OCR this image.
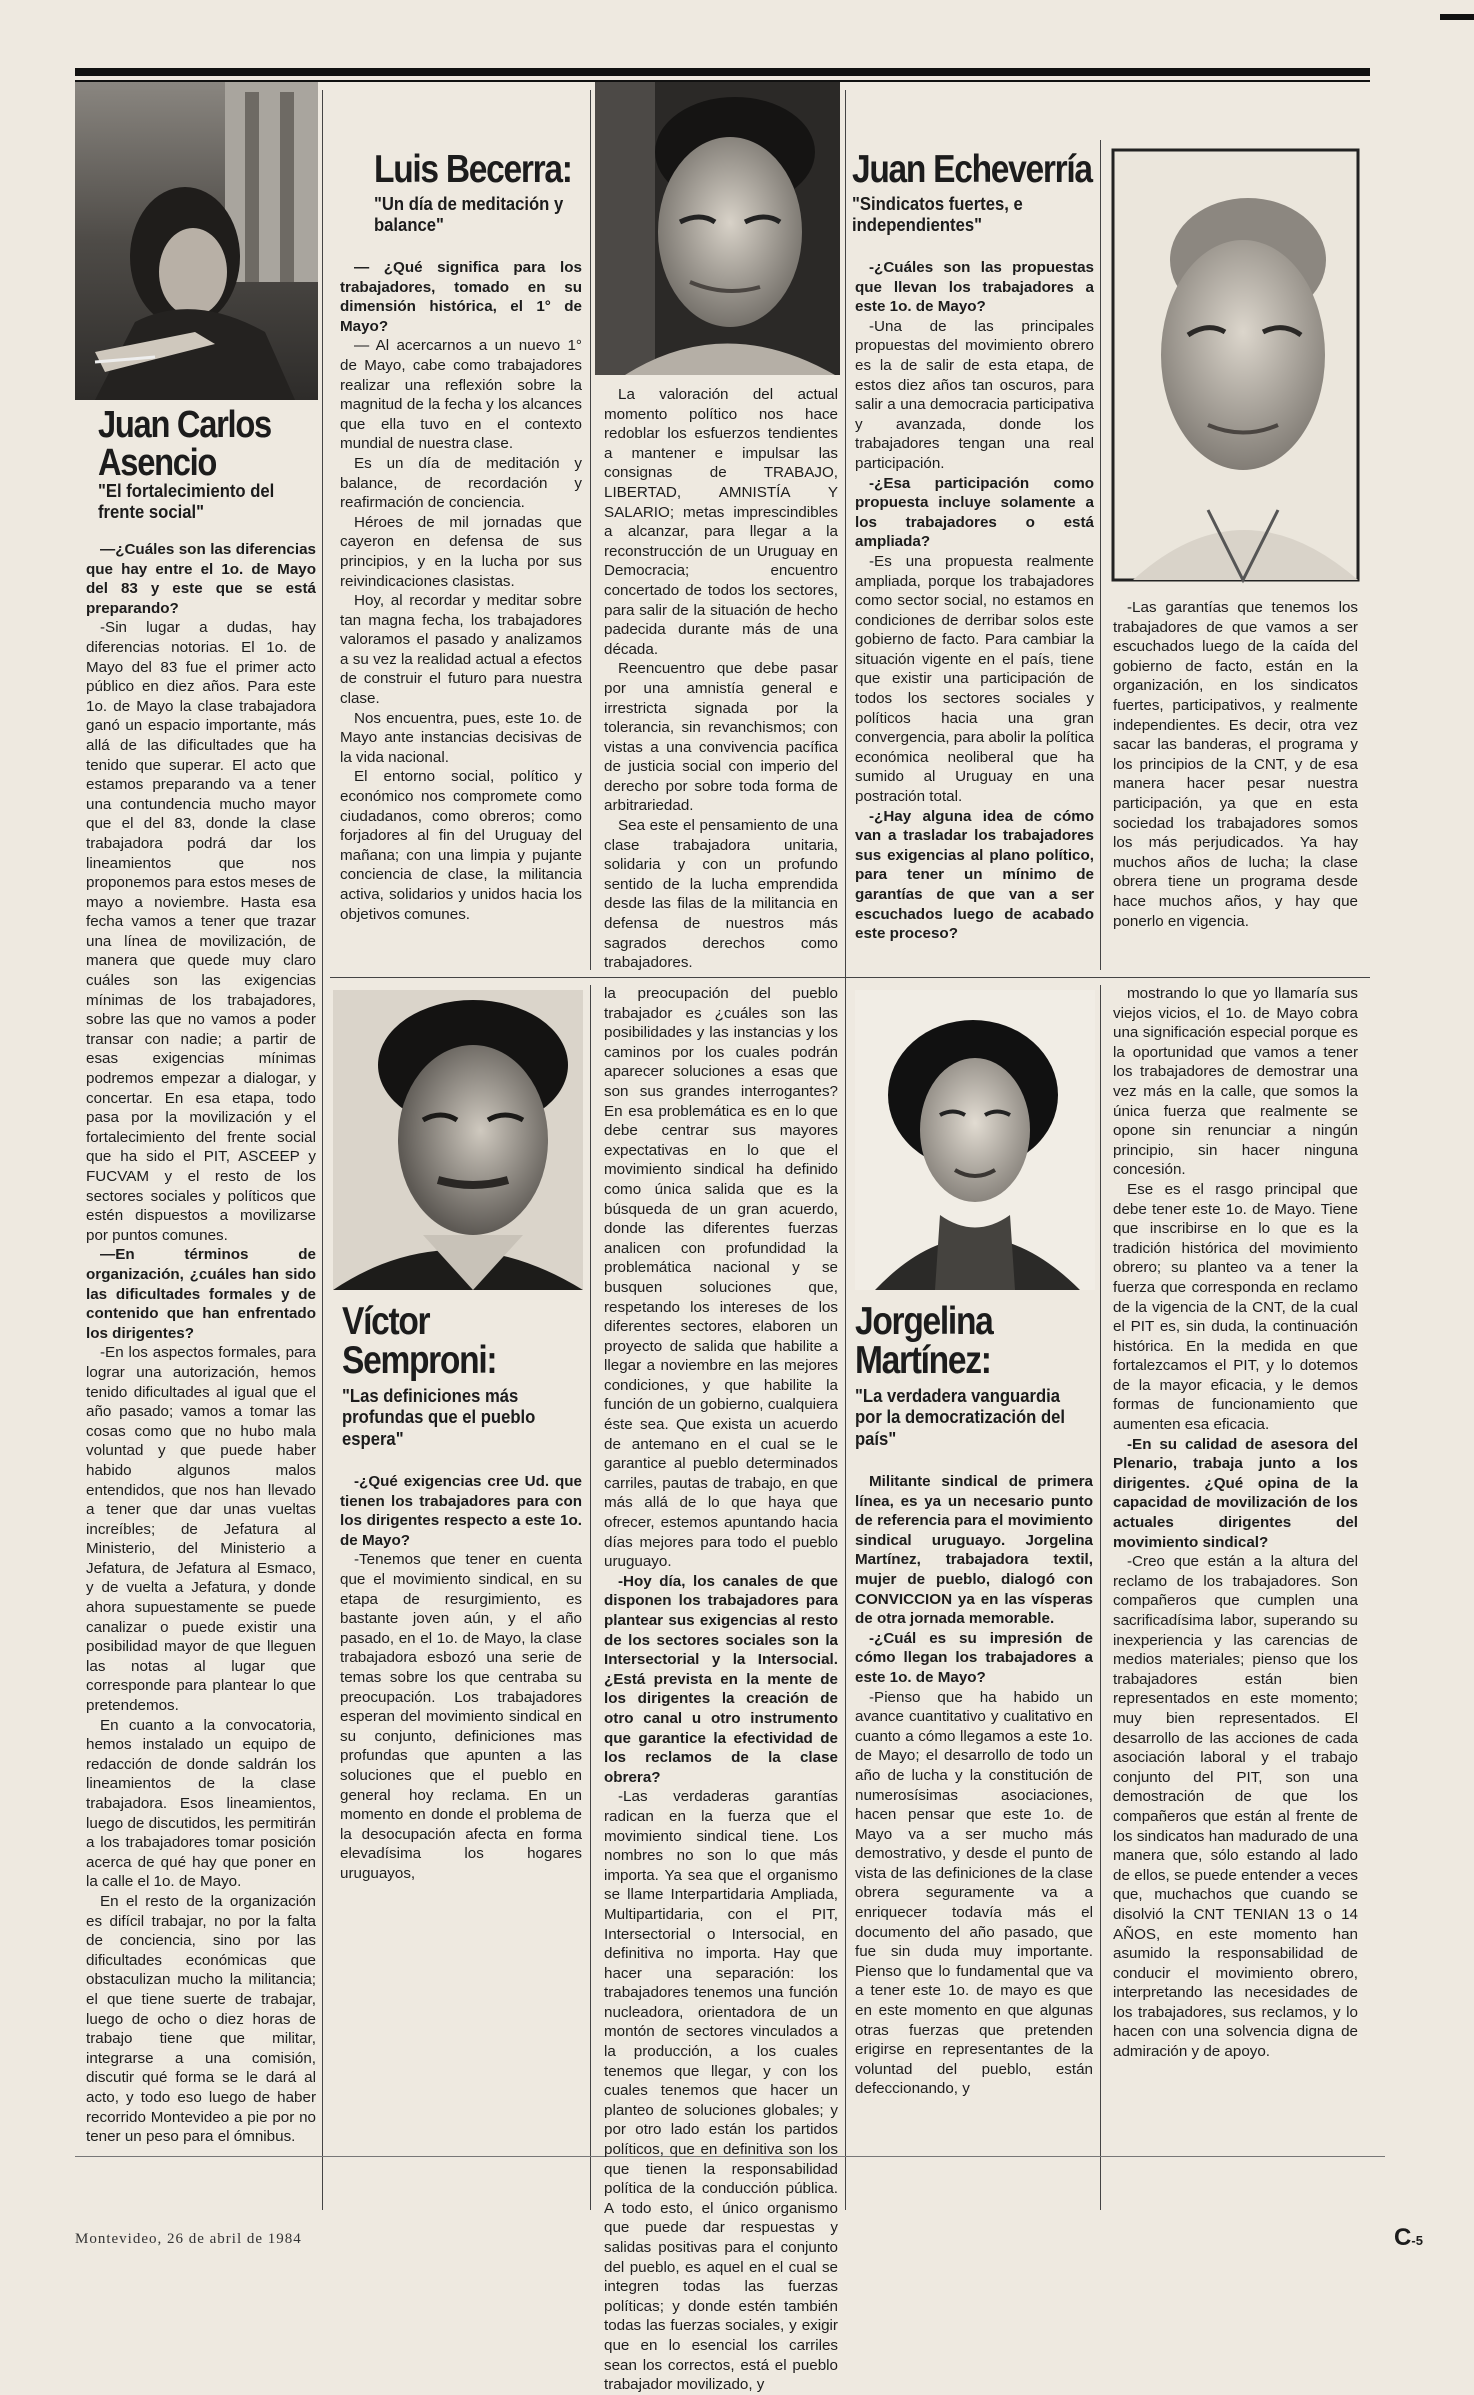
Juan Carlos
Asencio
"El fortalecimiento del frente social"

—¿Cuáles son las diferencias que hay entre el 1o. de Mayo del 83 y este que se está preparando?

-Sin lugar a dudas, hay diferencias notorias. El 1o. de Mayo del 83 fue el primer acto público en diez años. Para este 1o. de Mayo la clase trabajadora ganó un espacio importante, más allá de las dificultades que ha tenido que superar. El acto que estamos preparando va a tener una contundencia mucho mayor que el del 83, donde la clase trabajadora podrá dar los lineamientos que nos proponemos para estos meses de mayo a noviembre. Hasta esa fecha vamos a tener que trazar una línea de movilización, de manera que quede muy claro cuáles son las exigencias mínimas de los trabajadores, sobre las que no vamos a poder transar con nadie; a partir de esas exigencias mínimas podremos empezar a dialogar, y concertar. En esa etapa, todo pasa por la movilización y el fortalecimiento del frente social que ha sido el PIT, ASCEEP y FUCVAM y el resto de los sectores sociales y políticos que estén dispuestos a movilizarse por puntos comunes.

—En términos de organización, ¿cuáles han sido las dificultades formales y de contenido que han enfrentado los dirigentes?

-En los aspectos formales, para lograr una autorización, hemos tenido dificultades al igual que el año pasado; vamos a tomar las cosas como que no hubo mala voluntad y que puede haber habido algunos malos entendidos, que nos han llevado a tener que dar unas vueltas increíbles; de Jefatura al Ministerio, del Ministerio a Jefatura, de Jefatura al Esmaco, y de vuelta a Jefatura, y donde ahora supuestamente se puede canalizar o puede existir una posibilidad mayor de que lleguen las notas al lugar que corresponde para plantear lo que pretendemos.

En cuanto a la convocatoria, hemos instalado un equipo de redacción de donde saldrán los lineamientos de la clase trabajadora. Esos lineamientos, luego de discutidos, les permitirán a los trabajadores tomar posición acerca de qué hay que poner en la calle el 1o. de Mayo.

En el resto de la organización es difícil trabajar, no por la falta de conciencia, sino por las dificultades económicas que obstaculizan mucho la militancia; el que tiene suerte de trabajar, luego de ocho o diez horas de trabajo tiene que militar, integrarse a una comisión, discutir qué forma se le dará al acto, y todo eso luego de haber recorrido Montevideo a pie por no tener un peso para el ómnibus.

Luis Becerra:
"Un día de meditación y balance"

— ¿Qué significa para los trabajadores, tomado en su dimensión histórica, el 1° de Mayo?

— Al acercarnos a un nuevo 1° de Mayo, cabe como trabajadores realizar una reflexión sobre la magnitud de la fecha y los alcances que ella tuvo en el contexto mundial de nuestra clase.

Es un día de meditación y balance, de recordación y reafirmación de conciencia.

Héroes de mil jornadas que cayeron en defensa de sus principios, y en la lucha por sus reivindicaciones clasistas.

Hoy, al recordar y meditar sobre tan magna fecha, los trabajadores valoramos el pasado y analizamos a su vez la realidad actual a efectos de construir el futuro para nuestra clase.

Nos encuentra, pues, este 1o. de Mayo ante instancias decisivas de la vida nacional.

El entorno social, político y económico nos compromete como ciudadanos, como obreros; como forjadores al fin del Uruguay del mañana; con una limpia y pujante conciencia de clase, la militancia activa, solidarios y unidos hacia los objetivos comunes.

La valoración del actual momento político nos hace redoblar los esfuerzos tendientes a mantener e impulsar las consignas de TRABAJO, LIBERTAD, AMNISTÍA Y SALARIO; metas imprescindibles a alcanzar, para llegar a la reconstrucción de un Uruguay en Democracia; encuentro concertado de todos los sectores, para salir de la situación de hecho padecida durante más de una década.

Reencuentro que debe pasar por una amnistía general e irrestricta signada por la tolerancia, sin revanchismos; con vistas a una convivencia pacífica de justicia social con imperio del derecho por sobre toda forma de arbitrariedad.

Sea este el pensamiento de una clase trabajadora unitaria, solidaria y con un profundo sentido de la lucha emprendida desde las filas de la militancia en defensa de nuestros más sagrados derechos como trabajadores.

Juan Echeverría
"Sindicatos fuertes, e independientes"

-¿Cuáles son las propuestas que llevan los trabajadores a este 1o. de Mayo?

-Una de las principales propuestas del movimiento obrero es la de salir de esta etapa, de estos diez años tan oscuros, para salir a una democracia participativa y avanzada, donde los trabajadores tengan una real participación.

-¿Esa participación como propuesta incluye solamente a los trabajadores o está ampliada?

-Es una propuesta realmente ampliada, porque los trabajadores como sector social, no estamos en condiciones de derribar solos este gobierno de facto. Para cambiar la situación vigente en el país, tiene que existir una participación de todos los sectores sociales y políticos hacia una gran convergencia, para abolir la política económica neoliberal que ha sumido al Uruguay en una postración total.

-¿Hay alguna idea de cómo van a trasladar los trabajadores sus exigencias al plano político, para tener un mínimo de garantías de que van a ser escuchados luego de acabado este proceso?

-Las garantías que tenemos los trabajadores de que vamos a ser escuchados luego de la caída del gobierno de facto, están en la organización, en los sindicatos fuertes, participativos, y realmente independientes. Es decir, otra vez sacar las banderas, el programa y los principios de la CNT, y de esa manera hacer pesar nuestra participación, ya que en esta sociedad los trabajadores somos los más perjudicados. Ya hay muchos años de lucha; la clase obrera tiene un programa desde hace muchos años, y hay que ponerlo en vigencia.

Víctor
Semproni:
"Las definiciones más profundas que el pueblo espera"

-¿Qué exigencias cree Ud. que tienen los trabajadores para con los dirigentes respecto a este 1o. de Mayo?

-Tenemos que tener en cuenta que el movimiento sindical, en su etapa de resurgimiento, es bastante joven aún, y el año pasado, en el 1o. de Mayo, la clase trabajadora esbozó una serie de temas sobre los que centraba su preocupación. Los trabajadores esperan del movimiento sindical en su conjunto, definiciones mas profundas que apunten a las soluciones que el pueblo en general hoy reclama. En un momento en donde el problema de la desocupación afecta en forma elevadísima los hogares uruguayos,

la preocupación del pueblo trabajador es ¿cuáles son las posibilidades y las instancias y los caminos por los cuales podrán aparecer soluciones a esas que son sus grandes interrogantes? En esa problemática es en lo que debe centrar sus mayores expectativas en lo que el movimiento sindical ha definido como única salida que es la búsqueda de un gran acuerdo, donde las diferentes fuerzas analicen con profundidad la problemática nacional y se busquen soluciones que, respetando los intereses de los diferentes sectores, elaboren un proyecto de salida que habilite a llegar a noviembre en las mejores condiciones, y que habilite la función de un gobierno, cualquiera éste sea. Que exista un acuerdo de antemano en el cual se le garantice al pueblo determinados carriles, pautas de trabajo, en que más allá de lo que haya que ofrecer, estemos apuntando hacia días mejores para todo el pueblo uruguayo.

-Hoy día, los canales de que disponen los trabajadores para plantear sus exigencias al resto de los sectores sociales son la Intersectorial y la Intersocial. ¿Está prevista en la mente de los dirigentes la creación de otro canal u otro instrumento que garantice la efectividad de los reclamos de la clase obrera?

-Las verdaderas garantías radican en la fuerza que el movimiento sindical tiene. Los nombres no son lo que más importa. Ya sea que el organismo se llame Interpartidaria Ampliada, Multipartidaria, con el PIT, Intersectorial o Intersocial, en definitiva no importa. Hay que hacer una separación: los trabajadores tenemos una función nucleadora, orientadora de un montón de sectores vinculados a la producción, a los cuales tenemos que llegar, y con los cuales tenemos que hacer un planteo de soluciones globales; y por otro lado están los partidos políticos, que en definitiva son los que tienen la responsabilidad política de la conducción pública. A todo esto, el único organismo que puede dar respuestas y salidas positivas para el conjunto del pueblo, es aquel en el cual se integren todas las fuerzas políticas; y donde estén también todas las fuerzas sociales, y exigir que en lo esencial los carriles sean los correctos, está el pueblo trabajador movilizado, y

Jorgelina
Martínez:
"La verdadera vanguardia por la democratización del país"

Militante sindical de primera línea, es ya un necesario punto de referencia para el movimiento sindical uruguayo. Jorgelina Martínez, trabajadora textil, mujer de pueblo, dialogó con CONVICCION ya en las vísperas de otra jornada memorable.

-¿Cuál es su impresión de cómo llegan los trabajadores a este 1o. de Mayo?

-Pienso que ha habido un avance cuantitativo y cualitativo en cuanto a cómo llegamos a este 1o. de Mayo; el desarrollo de todo un año de lucha y la constitución de numerosísimas asociaciones, hacen pensar que este 1o. de Mayo va a ser mucho más demostrativo, y desde el punto de vista de las definiciones de la clase obrera seguramente va a enriquecer todavía más el documento del año pasado, que fue sin duda muy importante. Pienso que lo fundamental que va a tener este 1o. de mayo es que en este momento en que algunas otras fuerzas que pretenden erigirse en representantes de la voluntad del pueblo, están defeccionando, y

mostrando lo que yo llamaría sus viejos vicios, el 1o. de Mayo cobra una significación especial porque es la oportunidad que vamos a tener los trabajadores de demostrar una vez más en la calle, que somos la única fuerza que realmente se opone sin renunciar a ningún principio, sin hacer ninguna concesión.

Ese es el rasgo principal que debe tener este 1o. de Mayo. Tiene que inscribirse en lo que es la tradición histórica del movimiento obrero; su planteo va a tener la fuerza que corresponda en reclamo de la vigencia de la CNT, de la cual el PIT es, sin duda, la continuación histórica. En la medida en que fortalezcamos el PIT, y lo dotemos de la mayor eficacia, y le demos formas de funcionamiento que aumenten esa eficacia.

-En su calidad de asesora del Plenario, trabaja junto a los dirigentes. ¿Qué opina de la capacidad de movilización de los actuales dirigentes del movimiento sindical?

-Creo que están a la altura del reclamo de los trabajadores. Son compañeros que cumplen una sacrificadísima labor, superando su inexperiencia y las carencias de medios materiales; pienso que los trabajadores están bien representados en este momento; muy bien representados. El desarrollo de las acciones de cada asociación laboral y el trabajo conjunto del PIT, son una demostración de que los compañeros que están al frente de los sindicatos han madurado de una manera que, sólo estando al lado de ellos, se puede entender a veces que, muchachos que cuando se disolvió la CNT TENIAN 13 o 14 AÑOS, en este momento han asumido la responsabilidad de conducir el movimiento obrero, interpretando las necesidades de los trabajadores, sus reclamos, y lo hacen con una solvencia digna de admiración y de apoyo.

Montevideo, 26 de abril de 1984	C-5
